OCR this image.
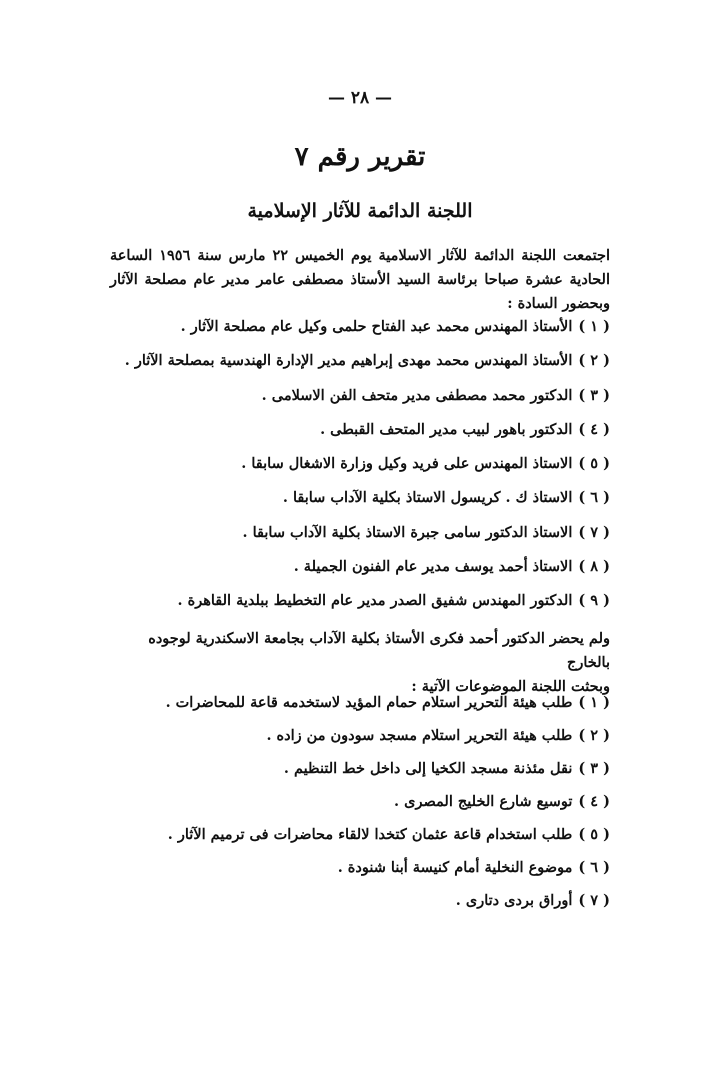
— ٢٨ —
تقرير رقم ٧
اللجنة الدائمة للآثار الإسلامية
اجتمعت اللجنة الدائمة للآثار الاسلامية يوم الخميس ٢٢ مارس سنة ١٩٥٦ الساعة الحادية عشرة صباحا برئاسة السيد الأستاذ مصطفى عامر مدير عام مصلحة الآثار وبحضور السادة :
( ١ )الأستاذ المهندس محمد عبد الفتاح حلمى وكيل عام مصلحة الآثار .
( ٢ )الأستاذ المهندس محمد مهدى إبراهيم مدير الإدارة الهندسية بمصلحة الآثار .
( ٣ )الدكتور محمد مصطفى مدير متحف الفن الاسلامى .
( ٤ )الدكتور باهور لبيب مدير المتحف القبطى .
( ٥ )الاستاذ المهندس على فريد وكيل وزارة الاشغال سابقا .
( ٦ )الاستاذ ك . كريسول الاستاذ بكلية الآداب سابقا .
( ٧ )الاستاذ الدكتور سامى جبرة الاستاذ بكلية الآداب سابقا .
( ٨ )الاستاذ أحمد يوسف مدير عام الفنون الجميلة .
( ٩ )الدكتور المهندس شفيق الصدر مدير عام التخطيط ببلدية القاهرة .
ولم يحضر الدكتور أحمد فكرى الأستاذ بكلية الآداب بجامعة الاسكندرية لوجوده بالخارج
وبحثت اللجنة الموضوعات الآتية :
( ١ )طلب هيئة التحرير استلام حمام المؤيد لاستخدمه قاعة للمحاضرات .
( ٢ )طلب هيئة التحرير استلام مسجد سودون من زاده .
( ٣ )نقل مئذنة مسجد الكخيا إلى داخل خط التنظيم .
( ٤ )توسيع شارع الخليج المصرى .
( ٥ )طلب استخدام قاعة عثمان كتخدا لالقاء محاضرات فى ترميم الآثار .
( ٦ )موضوع النخلية أمام كنيسة أبنا شنودة .
( ٧ )أوراق بردى دتارى .
